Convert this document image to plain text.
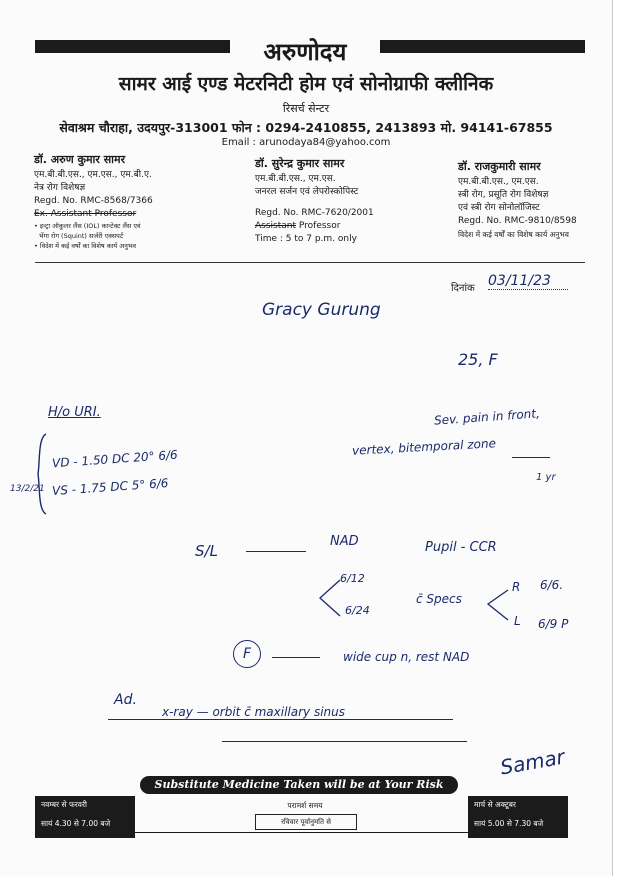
अरुणोदय
सामर आई एण्ड मेटरनिटी होम एवं सोनोग्राफी क्लीनिक
रिसर्च सेन्टर
सेवाश्रम चौराहा, उदयपुर-313001 फोन : 0294-2410855, 2413893 मो. 94141-67855
Email : arunodaya84@yahoo.com
डॉ. अरुण कुमार सामर
एम.बी.बी.एस., एम.एस., एम.बी.ए.
नेत्र रोग विशेषज्ञ
Regd. No. RMC-8568/7366
Ex. Assistant Professor
• इन्ट्रा ऑकुलर लैंस (IOL) कान्टेक्ट लैंस एवं
भेंगा रोग (Squint) सर्जरी एक्सपर्ट
• विदेश में कई वर्षों का विशेष कार्य अनुभव
डॉ. सुरेन्द्र कुमार सामर
एम.बी.बी.एस., एम.एस.
जनरल सर्जन एवं लेपरोस्कोपिस्ट
Regd. No. RMC-7620/2001
Assistant Professor
Time : 5 to 7 p.m. only
डॉ. राजकुमारी सामर
एम.बी.बी.एस., एम.एस.
स्त्री रोग, प्रसूति रोग विशेषज्ञ
एवं स्त्री रोग सोनोलॉजिस्ट
Regd. No. RMC-9810/8598
विदेश में कई वर्षों का विशेष कार्य अनुभव
दिनांक 03/11/23
Gracy Gurung
25, F
H/o URI.	Sev. pain in front,
vertex, bitemporal zone
1 yr
13/2/21
VD - 1.50 DC 20° 6/6
VS - 1.75 DC 5° 6/6
S/L
NAD	Pupil - CCR
6/12
6/24
c̄ Specs
R 6/6.
L 6/9 P
F	wide cup n, rest NAD
Ad.
x-ray — orbit c̄ maxillary sinus
Samar
Substitute Medicine Taken will be at Your Risk
नवम्बर से फरवरी
सायं 4.30 से 7.00 बजे
परामर्श समय
रविवार पूर्वानुमति से
मार्च से अक्टूबर
सायं 5.00 से 7.30 बजे
